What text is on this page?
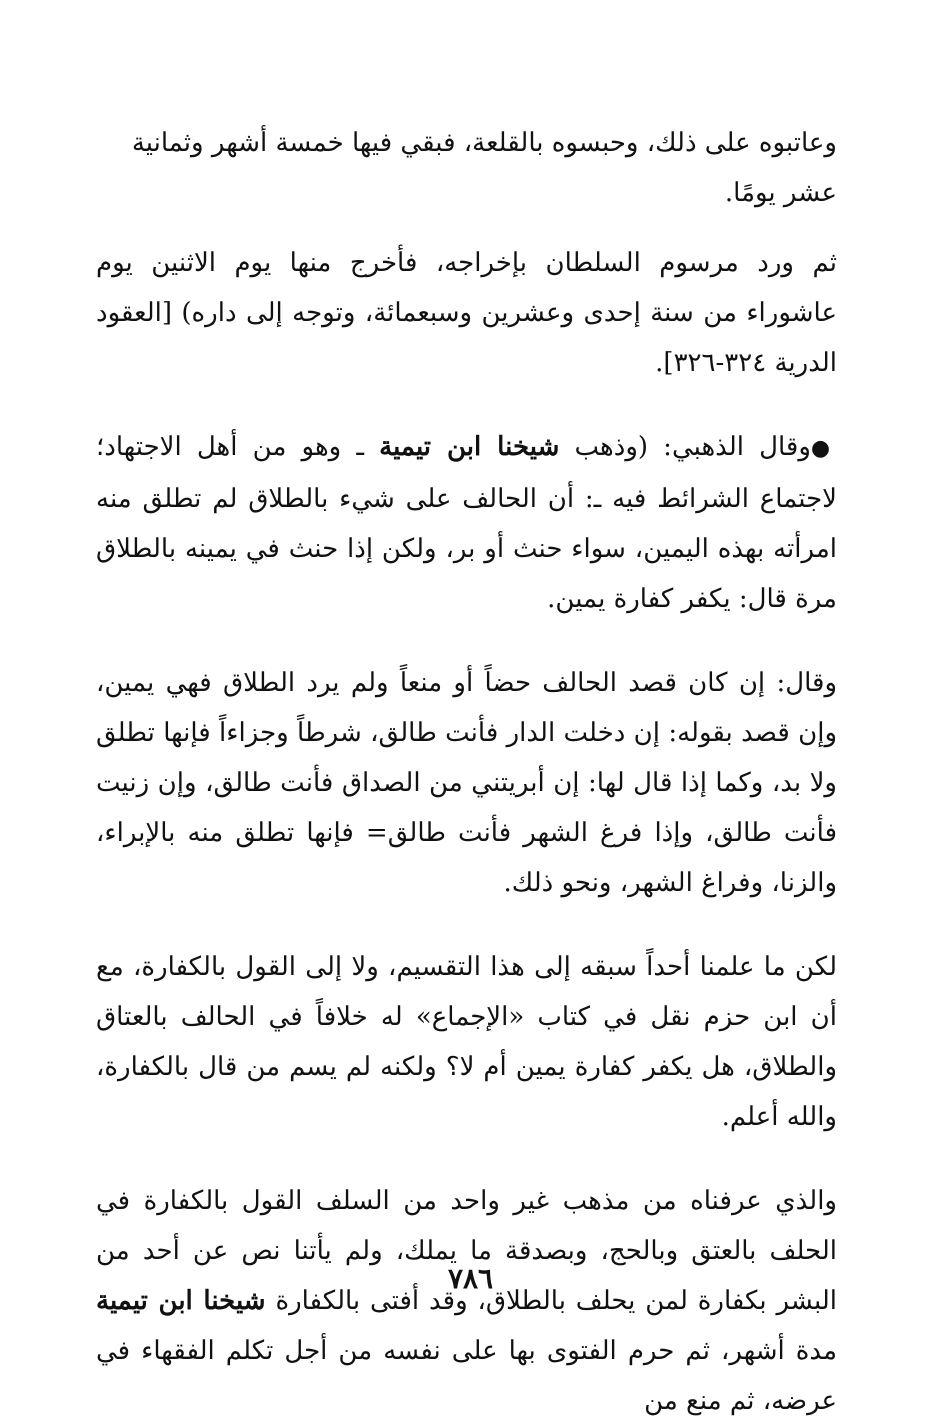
وعاتبوه على ذلك، وحبسوه بالقلعة، فبقي فيها خمسة أشهر وثمانية عشر يومًا.

ثم ورد مرسوم السلطان بإخراجه، فأخرج منها يوم الاثنين يوم عاشوراء من سنة إحدى وعشرين وسبعمائة، وتوجه إلى داره) [العقود الدرية ٣٢٤-٣٢٦].

●وقال الذهبي: (وذهب شيخنا ابن تيمية ـ وهو من أهل الاجتهاد؛ لاجتماع الشرائط فيه ـ: أن الحالف على شيء بالطلاق لم تطلق منه امرأته بهذه اليمين، سواء حنث أو بر، ولكن إذا حنث في يمينه بالطلاق مرة قال: يكفر كفارة يمين.

وقال: إن كان قصد الحالف حضاً أو منعاً ولم يرد الطلاق فهي يمين، وإن قصد بقوله: إن دخلت الدار فأنت طالق، شرطاً وجزاءاً فإنها تطلق ولا بد، وكما إذا قال لها: إن أبريتني من الصداق فأنت طالق، وإن زنيت فأنت طالق، وإذا فرغ الشهر فأنت طالق= فإنها تطلق منه بالإبراء، والزنا، وفراغ الشهر، ونحو ذلك.

لكن ما علمنا أحداً سبقه إلى هذا التقسيم، ولا إلى القول بالكفارة، مع أن ابن حزم نقل في كتاب «الإجماع» له خلافاً في الحالف بالعتاق والطلاق، هل يكفر كفارة يمين أم لا؟ ولكنه لم يسم من قال بالكفارة، والله أعلم.

والذي عرفناه من مذهب غير واحد من السلف القول بالكفارة في الحلف بالعتق وبالحج، وبصدقة ما يملك، ولم يأتنا نص عن أحد من البشر بكفارة لمن يحلف بالطلاق، وقد أفتى بالكفارة شيخنا ابن تيمية مدة أشهر، ثم حرم الفتوى بها على نفسه من أجل تكلم الفقهاء في عرضه، ثم منع من

٧٨٦
